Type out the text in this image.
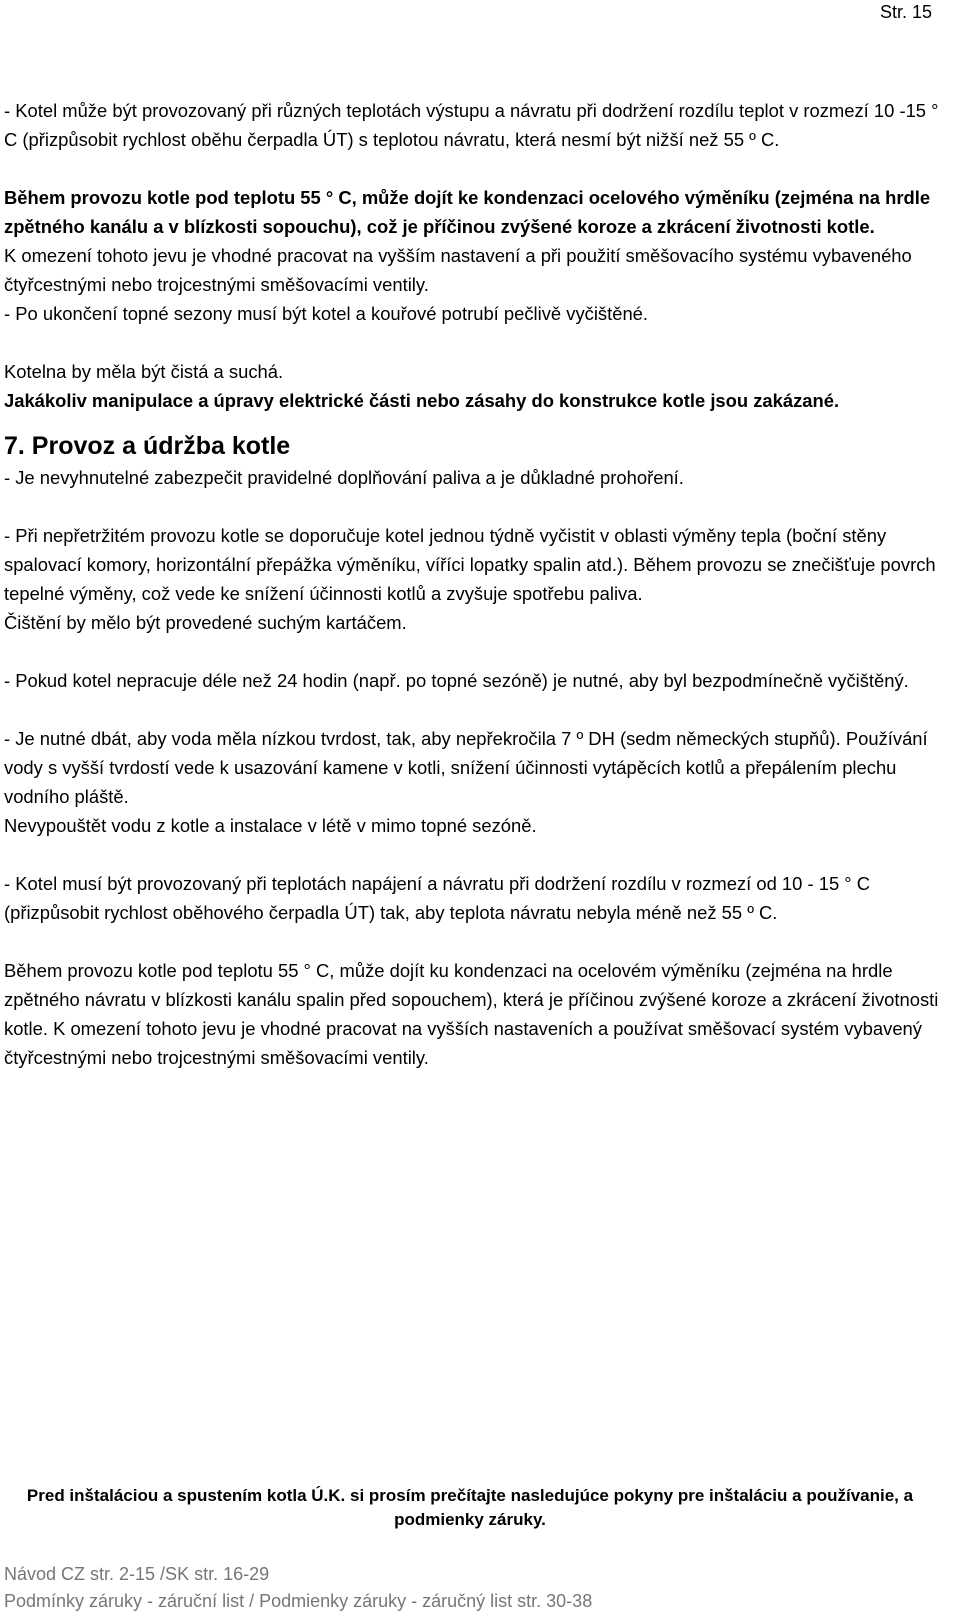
Str. 15

- Kotel může být provozovaný při různých teplotách výstupu a návratu při dodržení rozdílu teplot v rozmezí 10 -15 ° C (přizpůsobit rychlost oběhu čerpadla ÚT) s teplotou návratu, která nesmí být nižší než 55 º C.

Během provozu kotle pod teplotu 55 ° C, může dojít ke kondenzaci ocelového výměníku (zejména na hrdle zpětného kanálu a v blízkosti sopouchu), což je příčinou zvýšené koroze a zkrácení životnosti kotle.

K omezení tohoto jevu je vhodné pracovat na vyšším nastavení a při použití směšovacího systému vybaveného čtyřcestnými nebo trojcestnými směšovacími ventily.

- Po ukončení topné sezony musí být kotel a kouřové potrubí pečlivě vyčištěné.

Kotelna by měla být čistá a suchá.

Jakákoliv manipulace a úpravy elektrické části nebo zásahy do konstrukce kotle jsou zakázané.

7. Provoz a údržba kotle

- Je nevyhnutelné zabezpečit pravidelné doplňování paliva a je důkladné prohoření.

- Při nepřetržitém provozu kotle se doporučuje kotel jednou týdně vyčistit v oblasti výměny tepla (boční stěny spalovací komory, horizontální přepážka výměníku, víříci lopatky spalin atd.). Během provozu se znečišťuje povrch tepelné výměny, což vede ke snížení účinnosti kotlů a zvyšuje spotřebu paliva.

Čištění by mělo být provedené suchým kartáčem.

- Pokud kotel nepracuje déle než 24 hodin (např. po topné sezóně) je nutné, aby byl bezpodmínečně vyčištěný.

- Je nutné dbát, aby voda měla nízkou tvrdost, tak, aby nepřekročila 7 º DH (sedm německých stupňů). Používání vody s vyšší tvrdostí vede k usazování kamene v kotli, snížení účinnosti vytápěcích kotlů a přepálením plechu vodního pláště.

Nevypouštět vodu z kotle a instalace v létě v mimo topné sezóně.

- Kotel musí být provozovaný při teplotách napájení a návratu při dodržení rozdílu v rozmezí od 10 - 15 ° C (přizpůsobit rychlost oběhového čerpadla ÚT) tak, aby teplota návratu nebyla méně než 55 º C.

Během provozu kotle pod teplotu 55 ° C, může dojít ku kondenzaci na ocelovém výměníku (zejména na hrdle zpětného návratu v blízkosti kanálu spalin před sopouchem), která je příčinou zvýšené koroze a zkrácení životnosti kotle. K omezení tohoto jevu je vhodné pracovat na vyšších nastaveních a používat směšovací systém vybavený čtyřcestnými nebo trojcestnými směšovacími ventily.

Pred inštaláciou a spustením kotla Ú.K. si prosím prečítajte nasledujúce pokyny pre inštaláciu a používanie, a podmienky záruky.
Návod CZ str. 2-15 /SK str. 16-29
Podmínky záruky - záruční list / Podmienky záruky - záručný list str. 30-38
